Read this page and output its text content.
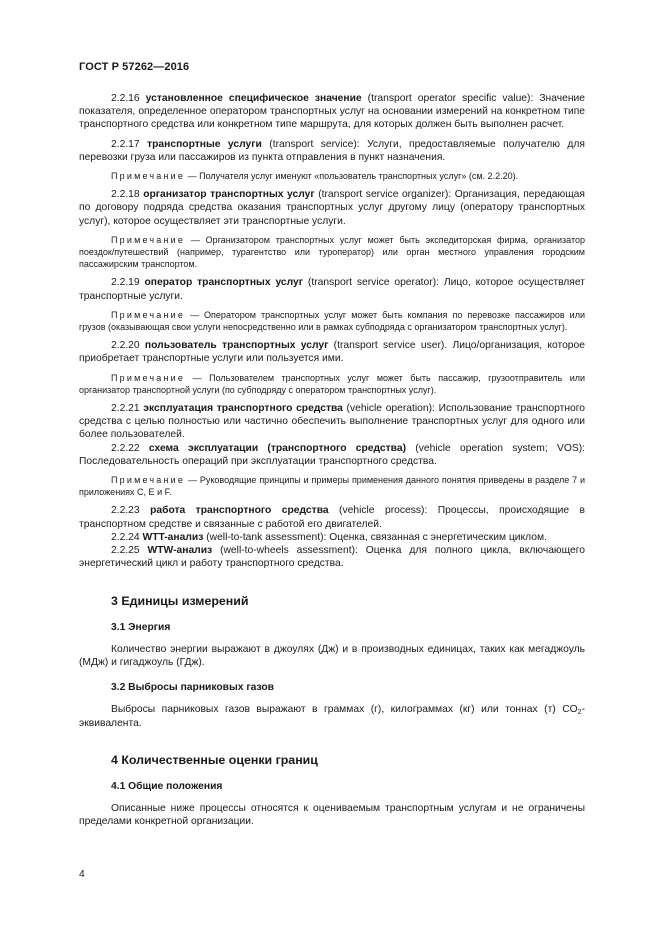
ГОСТ Р 57262—2016

2.2.16 установленное специфическое значение (transport operator specific value): Значение показателя, определенное оператором транспортных услуг на основании измерений на конкретном типе транспортного средства или конкретном типе маршрута, для которых должен быть выполнен расчет.

2.2.17 транспортные услуги (transport service): Услуги, предоставляемые получателю для перевозки груза или пассажиров из пункта отправления в пункт назначения.

Примечание — Получателя услуг именуют «пользователь транспортных услуг» (см. 2.2.20).

2.2.18 организатор транспортных услуг (transport service organizer): Организация, передающая по договору подряда средства оказания транспортных услуг другому лицу (оператору транспортных услуг), которое осуществляет эти транспортные услуги.

Примечание — Организатором транспортных услуг может быть экспедиторская фирма, организатор поездок/путешествий (например, турагентство или туроператор) или орган местного управления городским пассажирским транспортом.

2.2.19 оператор транспортных услуг (transport service operator): Лицо, которое осуществляет транспортные услуги.

Примечание — Оператором транспортных услуг может быть компания по перевозке пассажиров или грузов (оказывающая свои услуги непосредственно или в рамках субподряда с организатором транспортных услуг).

2.2.20 пользователь транспортных услуг (transport service user). Лицо/организация, которое приобретает транспортные услуги или пользуется ими.

Примечание — Пользователем транспортных услуг может быть пассажир, грузоотправитель или организатор транспортной услуги (по субподряду с оператором транспортных услуг).

2.2.21 эксплуатация транспортного средства (vehicle operation): Использование транспортного средства с целью полностью или частично обеспечить выполнение транспортных услуг для одного или более пользователей.

2.2.22 схема эксплуатации (транспортного средства) (vehicle operation system; VOS): Последовательность операций при эксплуатации транспортного средства.

Примечание — Руководящие принципы и примеры применения данного понятия приведены в разделе 7 и приложениях С, Е и F.

2.2.23 работа транспортного средства (vehicle process): Процессы, происходящие в транспортном средстве и связанные с работой его двигателей.

2.2.24 WTT-анализ (well-to-tank assessment): Оценка, связанная с энергетическим циклом.

2.2.25 WTW-анализ (well-to-wheels assessment): Оценка для полного цикла, включающего энергетический цикл и работу транспортного средства.

3 Единицы измерений
3.1 Энергия

Количество энергии выражают в джоулях (Дж) и в производных единицах, таких как мегаджоуль (МДж) и гигаджоуль (ГДж).

3.2 Выбросы парниковых газов

Выбросы парниковых газов выражают в граммах (г), килограммах (кг) или тоннах (т) $CO_2$-эквивалента.

4 Количественные оценки границ
4.1 Общие положения

Описанные ниже процессы относятся к оцениваемым транспортным услугам и не ограничены пределами конкретной организации.

4
